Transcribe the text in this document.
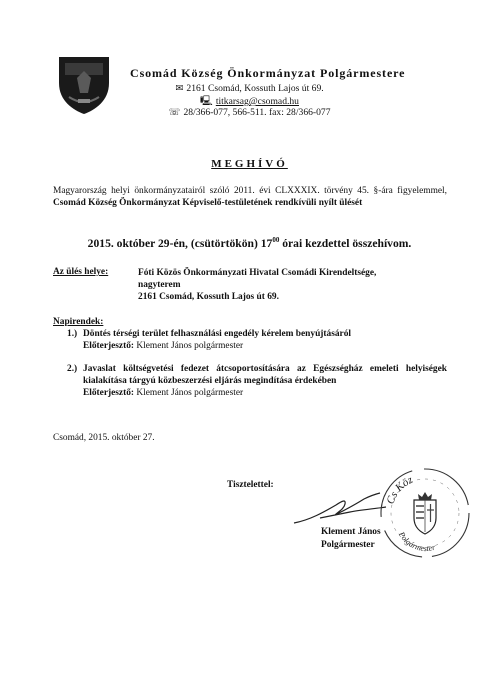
Csomád Község Önkormányzat Polgármestere
✉ 2161 Csomád, Kossuth Lajos út 69.
🖳 titkarsag@csomad.hu
☏ 28/366-077, 566-511. fax: 28/366-077
MEGHÍVÓ
Magyarország helyi önkormányzatairól szóló 2011. évi CLXXXIX. törvény 45. §-ára figyelemmel, Csomád Község Önkormányzat Képviselő-testületének rendkívüli nyílt ülését
2015. október 29-én, (csütörtökön) $17^{00}$ órai kezdettel összehívom.
Az ülés helye:	Fóti Közös Önkormányzati Hivatal Csomádi Kirendeltsége,
nagyterem
2161 Csomád, Kossuth Lajos út 69.
Napirendek:
1.) Döntés térségi terület felhasználási engedély kérelem benyújtásáról
Előterjesztő: Klement János polgármester
2.) Javaslat költségvetési fedezet átcsoportosítására az Egészségház emeleti helyiségek kialakítása tárgyú közbeszerzési eljárás megindítása érdekében
Előterjesztő: Klement János polgármester
Csomád, 2015. október 27.
Tisztelettel:
Klement János
Polgármester
Cs Köz
Polgármester
